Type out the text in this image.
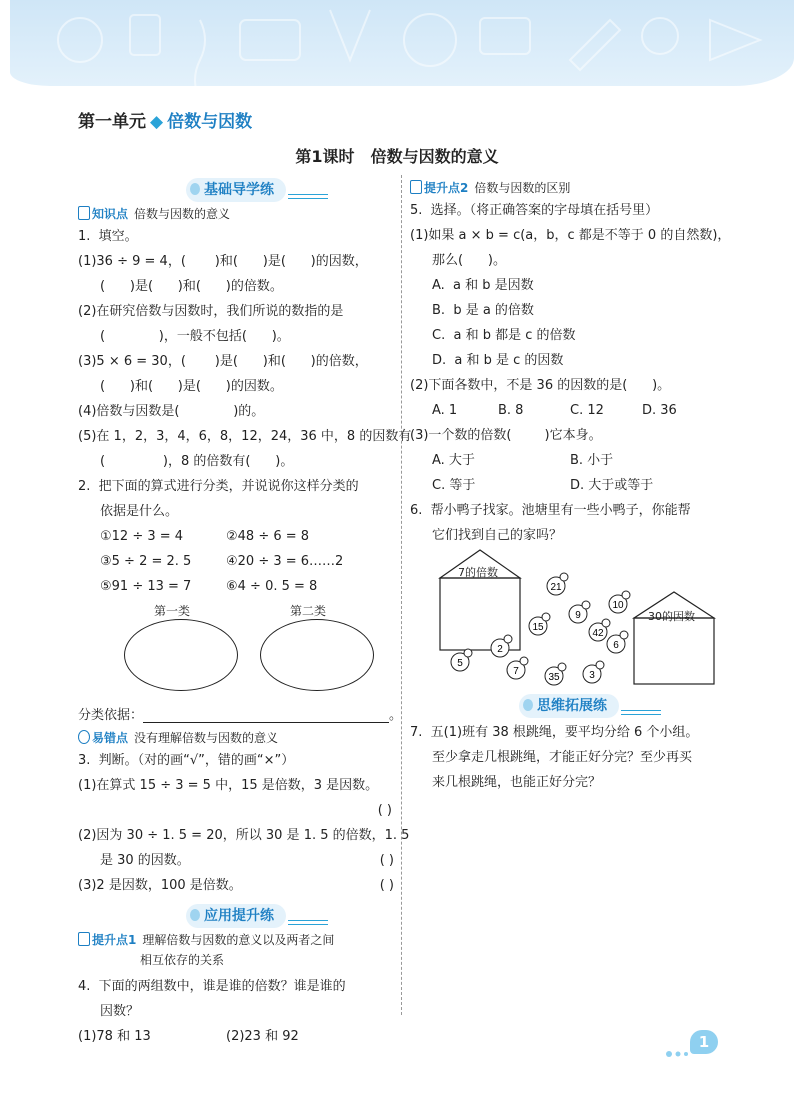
第一单元 ◆ 倍数与因数
第1课时 倍数与因数的意义
基础导学练
知识点 倍数与因数的意义

1.  填空。

(1)36 ÷ 9 = 4，(       )和(      )是(      )的因数，

(      )是(      )和(      )的倍数。

(2)在研究倍数与因数时，我们所说的数指的是

(             )，一般不包括(      )。

(3)5 × 6 = 30，(       )是(      )和(      )的倍数，

(      )和(      )是(      )的因数。

(4)倍数与因数是(             )的。

(5)在 1，2，3，4，6，8，12，24，36 中，8 的因数有

(              )，8 的倍数有(      )。

2.  把下面的算式进行分类，并说说你这样分类的

依据是什么。

①12 ÷ 3 = 4	②48 ÷ 6 = 8
③5 ÷ 2 = 2. 5	④20 ÷ 3 = 6……2
⑤91 ÷ 13 = 7	⑥4 ÷ 0. 5 = 8
第一类	第二类

分类依据：	。

易错点 没有理解倍数与因数的意义

3.  判断。（对的画“√”，错的画“×”）

(1)在算式 15 ÷ 3 = 5 中，15 是倍数，3 是因数。

( )

(2)因为 30 ÷ 1. 5 = 20，所以 30 是 1. 5 的倍数，1. 5

是 30 的因数。	( )
(3)2 是因数，100 是倍数。	( )
应用提升练
提升点1 理解倍数与因数的意义以及两者之间
相互依存的关系

4.  下面的两组数中，谁是谁的倍数？谁是谁的

因数？

(1)78 和 13	(2)23 和 92
提升点2 倍数与因数的区别

5.  选择。（将正确答案的字母填在括号里）

(1)如果 a × b = c(a，b，c 都是不等于 0 的自然数)，

那么(      )。

A.  a 和 b 是因数

B.  b 是 a 的倍数

C.  a 和 b 都是 c 的倍数

D.  a 和 b 是 c 的因数

(2)下面各数中，不是 36 的因数的是(      )。

A. 1	B. 8	C. 12	D. 36

(3)一个数的倍数(        )它本身。

A. 大于	B. 小于
C. 等于	D. 大于或等于

6.  帮小鸭子找家。池塘里有一些小鸭子，你能帮

它们找到自己的家吗？

21
10
15
42
6
2
7
5
35	3
9
7的倍数
30的因数
思维拓展练

7.  五(1)班有 38 根跳绳，要平均分给 6 个小组。

至少拿走几根跳绳，才能正好分完？至少再买

来几根跳绳，也能正好分完？

1
